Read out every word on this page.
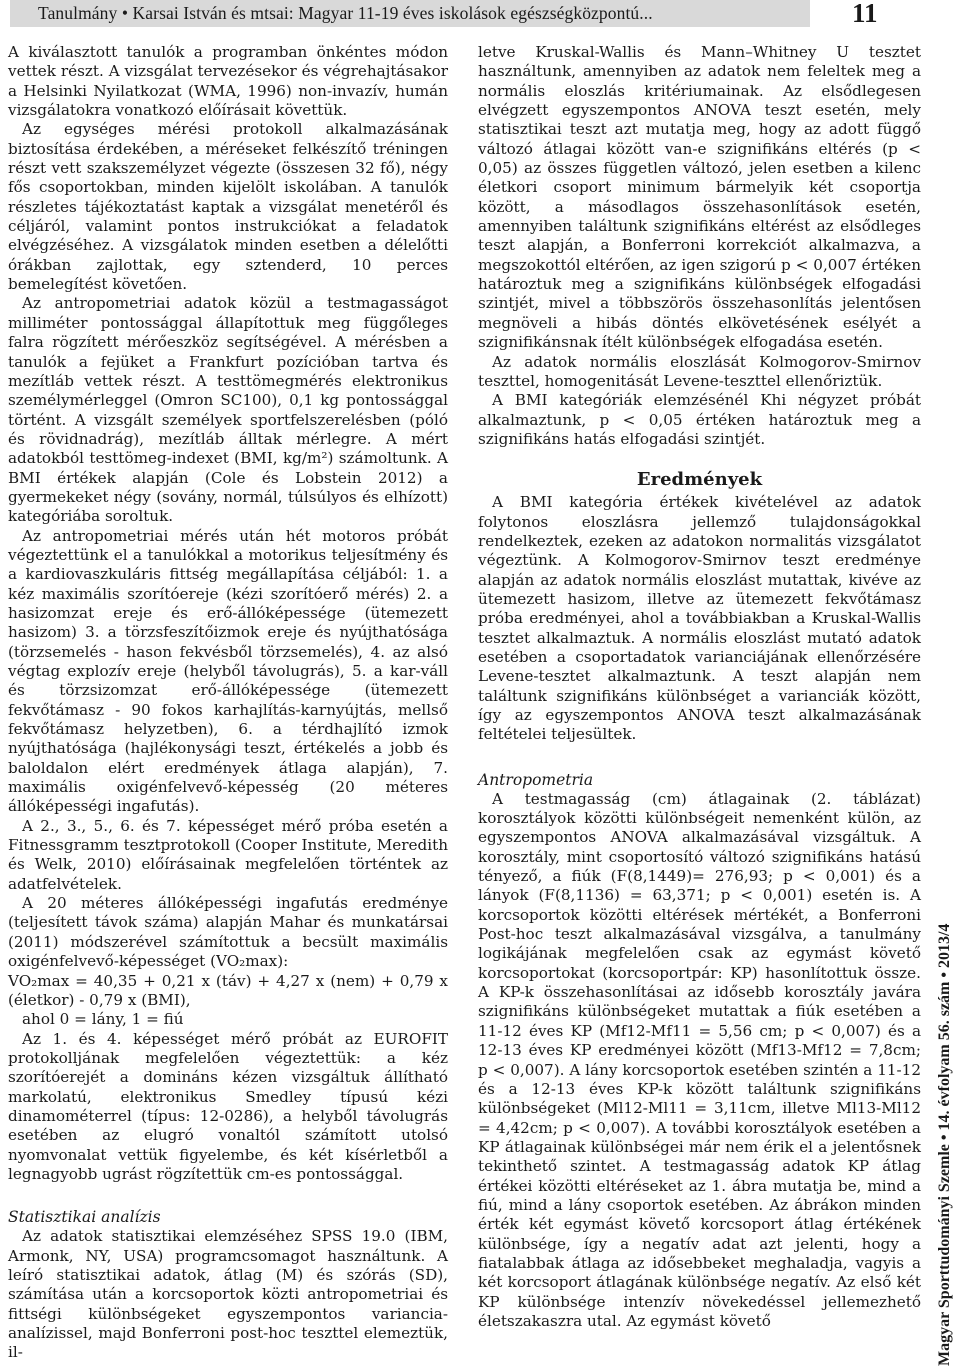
Tanulmány • Karsai István és mtsai: Magyar 11-19 éves iskolások egészségközpontú...	11

A kiválasztott tanulók a programban önkéntes módon vettek részt. A vizsgálat tervezésekor és végrehajtásakor a Helsinki Nyilatkozat (WMA, 1996) non-invazív, humán vizsgálatokra vonatkozó előírásait követtük.

Az egységes mérési protokoll alkalmazásának biztosítása érdekében, a méréseket felkészítő tréningen részt vett szakszemélyzet végezte (összesen 32 fő), négy fős csoportokban, minden kijelölt iskolában. A tanulók részletes tájékoztatást kaptak a vizsgálat menetéről és céljáról, valamint pontos instrukciókat a feladatok elvégzéséhez. A vizsgálatok minden esetben a délelőtti órákban zajlottak, egy sztenderd, 10 perces bemelegítést követően.

Az antropometriai adatok közül a testmagasságot milliméter pontossággal állapítottuk meg függőleges falra rögzített mérőeszköz segítségével. A mérésben a tanulók a fejüket a Frankfurt pozícióban tartva és mezítláb vettek részt. A testtömegmérés elektronikus személymérleggel (Omron SC100), 0,1 kg pontossággal történt. A vizsgált személyek sportfelszerelésben (póló és rövidnadrág), mezítláb álltak mérlegre. A mért adatokból testtömeg-indexet (BMI, kg/m²) számoltunk. A BMI értékek alapján (Cole és Lobstein 2012) a gyermekeket négy (sovány, normál, túlsúlyos és elhízott) kategóriába soroltuk.

Az antropometriai mérés után hét motoros próbát végeztettünk el a tanulókkal a motorikus teljesítmény és a kardiovaszkuláris fittség megállapítása céljából: 1. a kéz maximális szorítóereje (kézi szorítóerő mérés) 2. a hasizomzat ereje és erő-állóképessége (ütemezett hasizom) 3. a törzsfeszítőizmok ereje és nyújthatósága (törzsemelés - hason fekvésből törzsemelés), 4. az alsó végtag explozív ereje (helyből távolugrás), 5. a kar-váll és törzsizomzat erő-állóképessége (ütemezett fekvőtámasz - 90 fokos karhajlítás-karnyújtás, mellső fekvőtámasz helyzetben), 6. a térdhajlító izmok nyújthatósága (hajlékonysági teszt, értékelés a jobb és baloldalon elért eredmények átlaga alapján), 7. maximális oxigénfelvevő-képesség (20 méteres állóképességi ingafutás).

A 2., 3., 5., 6. és 7. képességet mérő próba esetén a Fitnessgramm tesztprotokoll (Cooper Institute, Meredith és Welk, 2010) előírásainak megfelelően történtek az adatfelvételek.

A 20 méteres állóképességi ingafutás eredménye (teljesített távok száma) alapján Mahar és munkatársai (2011) módszerével számítottuk a becsült maximális oxigénfelvevő-képességet (VO₂max):

VO₂max = 40,35 + 0,21 x (táv) + 4,27 x (nem) + 0,79 x (életkor) - 0,79 x (BMI),

ahol 0 = lány, 1 = fiú

Az 1. és 4. képességet mérő próbát az EUROFIT protokolljának megfelelően végeztettük: a kéz szorítóerejét a domináns kézen vizsgáltuk állítható markolatú, elektronikus Smedley típusú kézi dinamométerrel (típus: 12-0286), a helyből távolugrás esetében az elugró vonaltól számított utolsó nyomvonalat vettük figyelembe, és két kísérletből a legnagyobb ugrást rögzítettük cm-es pontossággal.

Statisztikai analízis

Az adatok statisztikai elemzéséhez SPSS 19.0 (IBM, Armonk, NY, USA) programcsomagot használtunk. A leíró statisztikai adatok, átlag (M) és szórás (SD), számítása után a korcsoportok közti antropometriai és fittségi különbségeket egyszempontos variancia-analízissel, majd Bonferroni post-hoc teszttel elemeztük, il-

letve Kruskal-Wallis és Mann–Whitney U tesztet használtunk, amennyiben az adatok nem feleltek meg a normális eloszlás kritériumainak. Az elsődlegesen elvégzett egyszempontos ANOVA teszt esetén, mely statisztikai teszt azt mutatja meg, hogy az adott függő változó átlagai között van-e szignifikáns eltérés (p < 0,05) az összes független változó, jelen esetben a kilenc életkori csoport minimum bármelyik két csoportja között, a másodlagos összehasonlítások esetén, amennyiben találtunk szignifikáns eltérést az elsődleges teszt alapján, a Bonferroni korrekciót alkalmazva, a megszokottól eltérően, az igen szigorú p < 0,007 értéken határoztuk meg a szignifikáns különbségek elfogadási szintjét, mivel a többszörös összehasonlítás jelentősen megnöveli a hibás döntés elkövetésének esélyét a szignifikánsnak ítélt különbségek elfogadása esetén.

Az adatok normális eloszlását Kolmogorov-Smirnov teszttel, homogenitását Levene-teszttel ellenőriztük.

A BMI kategóriák elemzésénél Khi négyzet próbát alkalmaztunk, p < 0,05 értéken határoztuk meg a szignifikáns hatás elfogadási szintjét.

Eredmények

A BMI kategória értékek kivételével az adatok folytonos eloszlásra jellemző tulajdonságokkal rendelkeztek, ezeken az adatokon normalitás vizsgálatot végeztünk. A Kolmogorov-Smirnov teszt eredménye alapján az adatok normális eloszlást mutattak, kivéve az ütemezett hasizom, illetve az ütemezett fekvőtámasz próba eredményei, ahol a továbbiakban a Kruskal-Wallis tesztet alkalmaztuk. A normális eloszlást mutató adatok esetében a csoportadatok varianciájának ellenőrzésére Levene-tesztet alkalmaztunk. A teszt alapján nem találtunk szignifikáns különbséget a varianciák között, így az egyszempontos ANOVA teszt alkalmazásának feltételei teljesültek.

Antropometria

A testmagasság (cm) átlagainak (2. táblázat) korosztályok közötti különbségeit nemenként külön, az egyszempontos ANOVA alkalmazásával vizsgáltuk. A korosztály, mint csoportosító változó szignifikáns hatású tényező, a fiúk (F(8,1449)= 276,93; p < 0,001) és a lányok (F(8,1136) = 63,371; p < 0,001) esetén is. A korcsoportok közötti eltérések mértékét, a Bonferroni Post-hoc teszt alkalmazásával vizsgálva, a tanulmány logikájának megfelelően csak az egymást követő korcsoportokat (korcsoportpár: KP) hasonlítottuk össze. A KP-k összehasonlításai az idősebb korosztály javára szignifikáns különbségeket mutattak a fiúk esetében a 11-12 éves KP (Mf12-Mf11 = 5,56 cm; p < 0,007) és a 12-13 éves KP eredményei között (Mf13-Mf12 = 7,8cm; p < 0,007). A lány korcsoportok esetében szintén a 11-12 és a 12-13 éves KP-k között találtunk szignifikáns különbségeket (Ml12-Ml11 = 3,11cm, illetve Ml13-Ml12 = 4,42cm; p < 0,007). A további korosztályok esetében a KP átlagainak különbségei már nem érik el a jelentősnek tekinthető szintet. A testmagasság adatok KP átlag értékei közötti eltéréseket az 1. ábra mutatja be, mind a fiú, mind a lány csoportok esetében. Az ábrákon minden érték két egymást követő korcsoport átlag értékének különbsége, így a negatív adat azt jelenti, hogy a fiatalabbak átlaga az idősebbeket meghaladja, vagyis a két korcsoport átlagának különbsége negatív. Az első két KP különbsége intenzív növekedéssel jellemezhető életszakaszra utal. Az egymást követő	Magyar Sporttudományi Szemle • 14. évfolyam 56. szám • 2013/4
